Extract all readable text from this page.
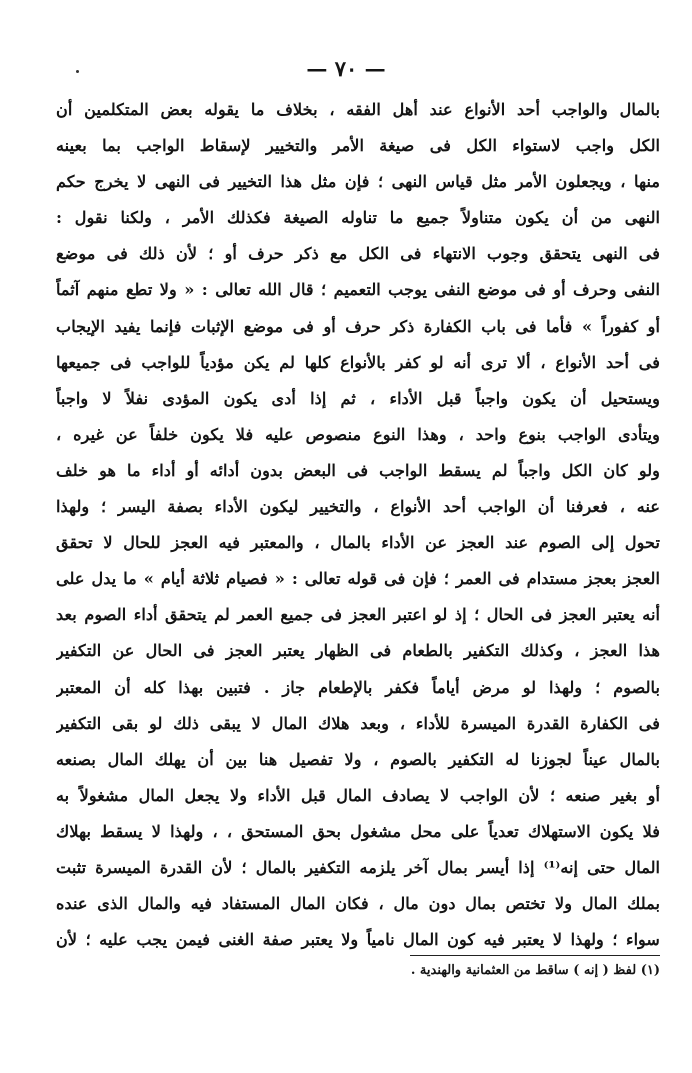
— ٧٠ —
بالمال والواجب أحد الأنواع عند أهل الفقه ، بخلاف ما يقوله بعض المتكلمين أن
الكل واجب لاستواء الكل فى صيغة الأمر والتخيير لإسقاط الواجب بما بعينه
منها ، ويجعلون الأمر مثل قياس النهى ؛ فإن مثل هذا التخيير فى النهى لا يخرج حكم
النهى من أن يكون متناولاً جميع ما تناوله الصيغة فكذلك الأمر ، ولكنا نقول :
فى النهى يتحقق وجوب الانتهاء فى الكل مع ذكر حرف أو ؛ لأن ذلك فى موضع
النفى وحرف أو فى موضع النفى يوجب التعميم ؛ قال الله تعالى : « ولا تطع منهم آثماً
أو كفوراً » فأما فى باب الكفارة ذكر حرف أو فى موضع الإثبات فإنما يفيد الإيجاب
فى أحد الأنواع ، ألا ترى أنه لو كفر بالأنواع كلها لم يكن مؤدياً للواجب فى جميعها
ويستحيل أن يكون واجباً قبل الأداء ، ثم إذا أدى يكون المؤدى نفلاً لا واجباً
ويتأدى الواجب بنوع واحد ، وهذا النوع منصوص عليه فلا يكون خلفاً عن غيره ،
ولو كان الكل واجباً لم يسقط الواجب فى البعض بدون أدائه أو أداء ما هو خلف
عنه ، فعرفنا أن الواجب أحد الأنواع ، والتخيير ليكون الأداء بصفة اليسر ؛ ولهذا
تحول إلى الصوم عند العجز عن الأداء بالمال ، والمعتبر فيه العجز للحال لا تحقق
العجز بعجز مستدام فى العمر ؛ فإن فى قوله تعالى : « فصيام ثلاثة أيام » ما يدل على
أنه يعتبر العجز فى الحال ؛ إذ لو اعتبر العجز فى جميع العمر لم يتحقق أداء الصوم بعد
هذا العجز ، وكذلك التكفير بالطعام فى الظهار يعتبر العجز فى الحال عن التكفير
بالصوم ؛ ولهذا لو مرض أياماً فكفر بالإطعام جاز . فتبين بهذا كله أن المعتبر
فى الكفارة القدرة الميسرة للأداء ، وبعد هلاك المال لا يبقى ذلك لو بقى التكفير
بالمال عيناً لجوزنا له التكفير بالصوم ، ولا تفصيل هنا بين أن يهلك المال بصنعه
أو بغير صنعه ؛ لأن الواجب لا يصادف المال قبل الأداء ولا يجعل المال مشغولاً به
فلا يكون الاستهلاك تعدياً على محل مشغول بحق المستحق ، ، ولهذا لا يسقط بهلاك
المال حتى إنه⁽¹⁾ إذا أيسر بمال آخر يلزمه التكفير بالمال ؛ لأن القدرة الميسرة تثبت
بملك المال ولا تختص بمال دون مال ، فكان المال المستفاد فيه والمال الذى عنده
سواء ؛ ولهذا لا يعتبر فيه كون المال نامياً ولا يعتبر صفة الغنى فيمن يجب عليه ؛ لأن
(١) لفظ ( إنه ) ساقط من العثمانية والهندية .
